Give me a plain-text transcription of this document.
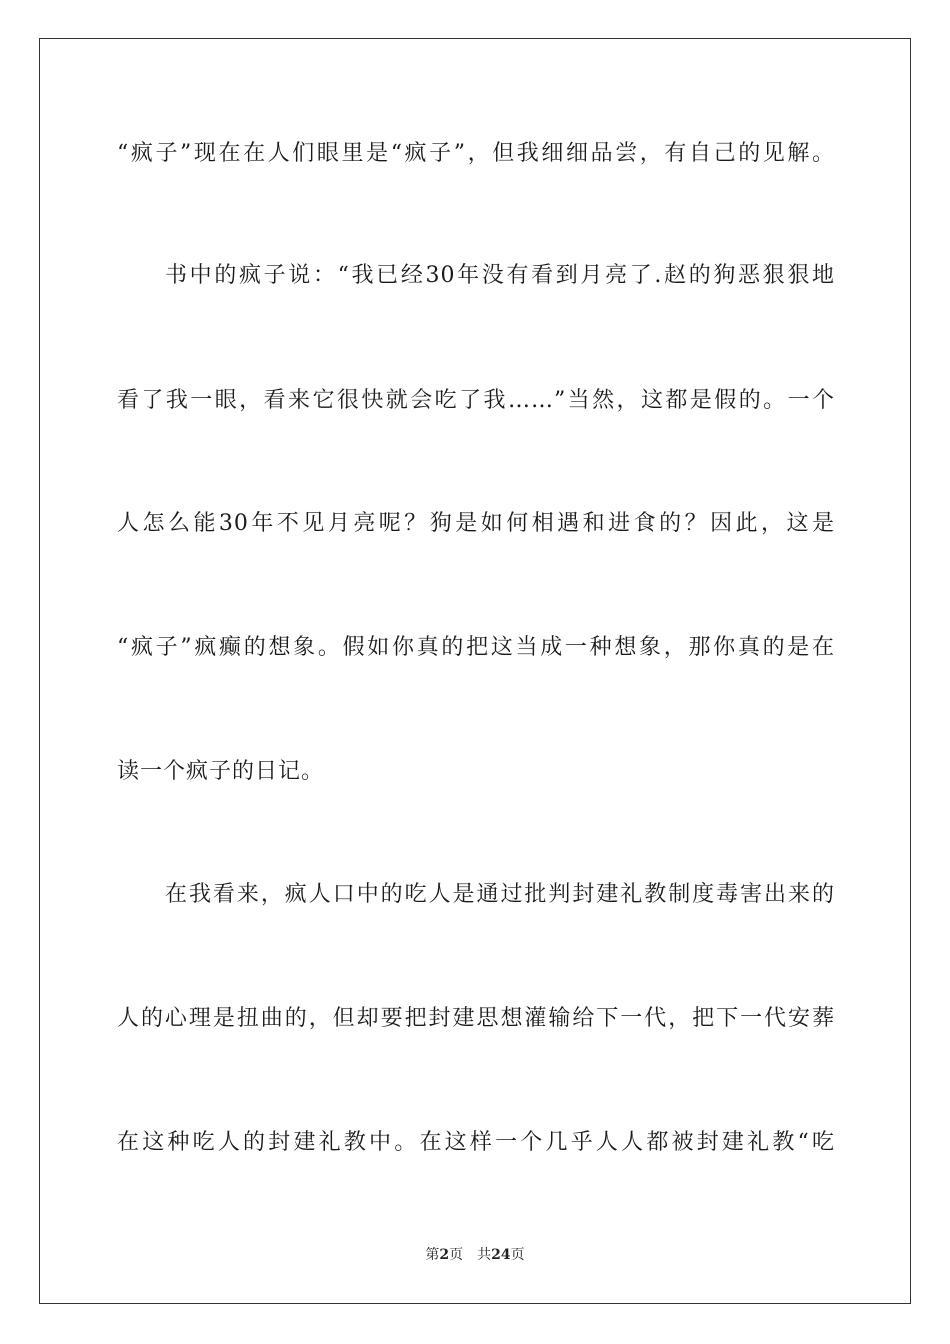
“疯子”现在在人们眼里是“疯子”，但我细细品尝，有自己的见解。
书中的疯子说：“我已经30年没有看到月亮了.赵的狗恶狠狠地
看了我一眼，看来它很快就会吃了我……”当然，这都是假的。一个
人怎么能30年不见月亮呢？狗是如何相遇和进食的？因此，这是
“疯子”疯癫的想象。假如你真的把这当成一种想象，那你真的是在
读一个疯子的日记。
在我看来，疯人口中的吃人是通过批判封建礼教制度毒害出来的
人的心理是扭曲的，但却要把封建思想灌输给下一代，把下一代安葬
在这种吃人的封建礼教中。在这样一个几乎人人都被封建礼教“吃
第2页 共24页
